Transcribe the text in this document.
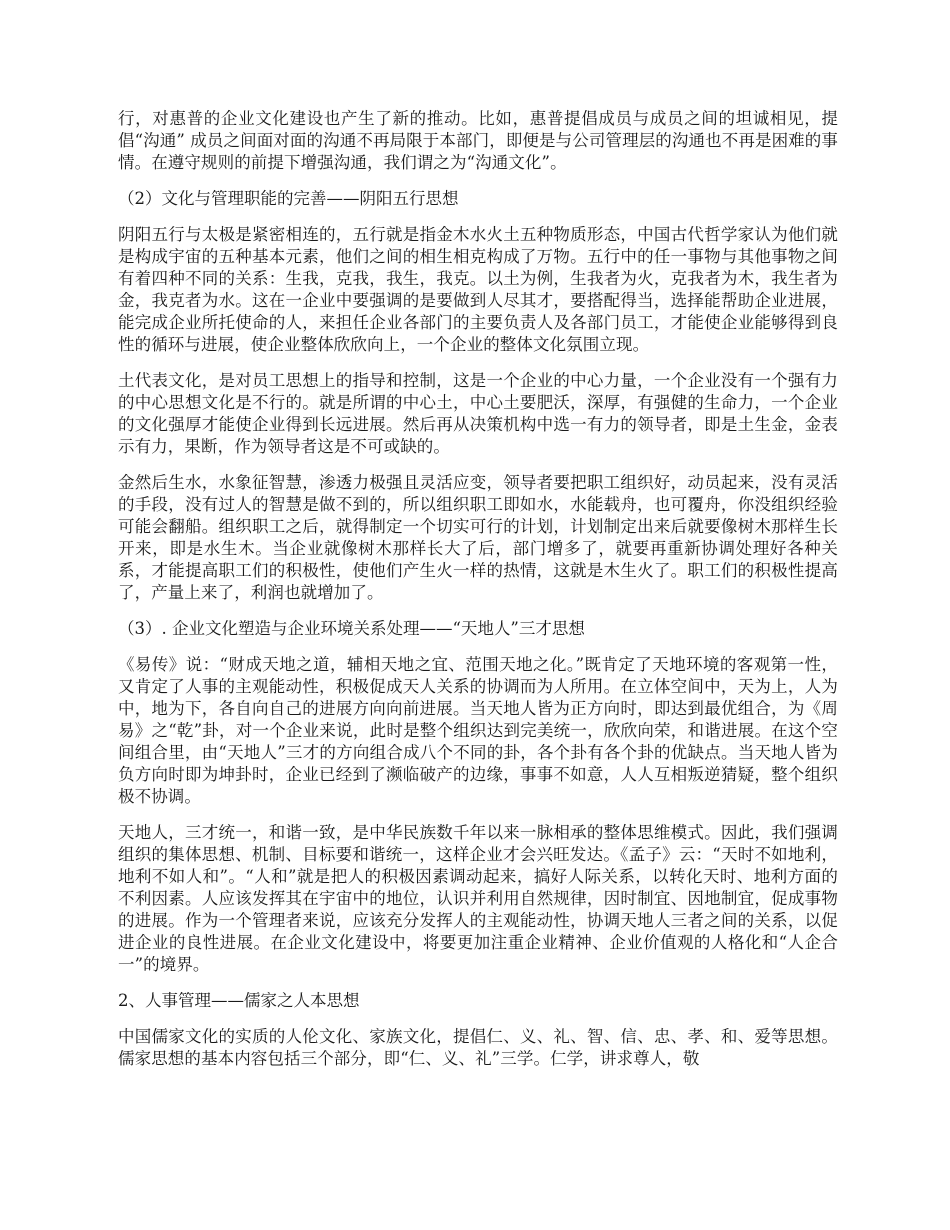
行，对惠普的企业文化建设也产生了新的推动。比如，惠普提倡成员与成员之间的坦诚相见，提倡“沟通” 成员之间面对面的沟通不再局限于本部门，即便是与公司管理层的沟通也不再是困难的事情。在遵守规则的前提下增强沟通，我们谓之为“沟通文化”。

（2）文化与管理职能的完善——阴阳五行思想

阴阳五行与太极是紧密相连的，五行就是指金木水火土五种物质形态，中国古代哲学家认为他们就是构成宇宙的五种基本元素，他们之间的相生相克构成了万物。五行中的任一事物与其他事物之间有着四种不同的关系：生我，克我，我生，我克。以土为例，生我者为火，克我者为木，我生者为金，我克者为水。这在一企业中要强调的是要做到人尽其才，要搭配得当，选择能帮助企业进展，能完成企业所托使命的人，来担任企业各部门的主要负责人及各部门员工，才能使企业能够得到良性的循环与进展，使企业整体欣欣向上，一个企业的整体文化氛围立现。

土代表文化，是对员工思想上的指导和控制，这是一个企业的中心力量，一个企业没有一个强有力的中心思想文化是不行的。就是所谓的中心土，中心土要肥沃，深厚，有强健的生命力，一个企业的文化强厚才能使企业得到长远进展。然后再从决策机构中选一有力的领导者，即是土生金，金表示有力，果断，作为领导者这是不可或缺的。

金然后生水，水象征智慧，渗透力极强且灵活应变，领导者要把职工组织好，动员起来，没有灵活的手段，没有过人的智慧是做不到的，所以组织职工即如水，水能载舟，也可覆舟，你没组织经验可能会翻船。组织职工之后，就得制定一个切实可行的计划，计划制定出来后就要像树木那样生长开来，即是水生木。当企业就像树木那样长大了后，部门增多了，就要再重新协调处理好各种关系，才能提高职工们的积极性，使他们产生火一样的热情，这就是木生火了。职工们的积极性提高了，产量上来了，利润也就增加了。

（3）. 企业文化塑造与企业环境关系处理——“天地人”三才思想

《易传》说：“财成天地之道，辅相天地之宜、范围天地之化。”既肯定了天地环境的客观第一性，又肯定了人事的主观能动性，积极促成天人关系的协调而为人所用。在立体空间中，天为上，人为中，地为下，各自向自己的进展方向向前进展。当天地人皆为正方向时，即达到最优组合，为《周易》之“乾”卦，对一个企业来说，此时是整个组织达到完美统一，欣欣向荣，和谐进展。在这个空间组合里，由“天地人”三才的方向组合成八个不同的卦，各个卦有各个卦的优缺点。当天地人皆为负方向时即为坤卦时，企业已经到了濒临破产的边缘，事事不如意，人人互相叛逆猜疑，整个组织极不协调。

天地人，三才统一，和谐一致，是中华民族数千年以来一脉相承的整体思维模式。因此，我们强调组织的集体思想、机制、目标要和谐统一，这样企业才会兴旺发达。《孟子》云：“天时不如地利，地利不如人和”。“人和”就是把人的积极因素调动起来，搞好人际关系，以转化天时、地利方面的不利因素。人应该发挥其在宇宙中的地位，认识并利用自然规律，因时制宜、因地制宜，促成事物的进展。作为一个管理者来说，应该充分发挥人的主观能动性，协调天地人三者之间的关系，以促进企业的良性进展。在企业文化建设中，将要更加注重企业精神、企业价值观的人格化和“人企合一”的境界。

2、人事管理——儒家之人本思想

中国儒家文化的实质的人伦文化、家族文化，提倡仁、义、礼、智、信、忠、孝、和、爱等思想。儒家思想的基本内容包括三个部分，即“仁、义、礼”三学。仁学，讲求尊人，敬
